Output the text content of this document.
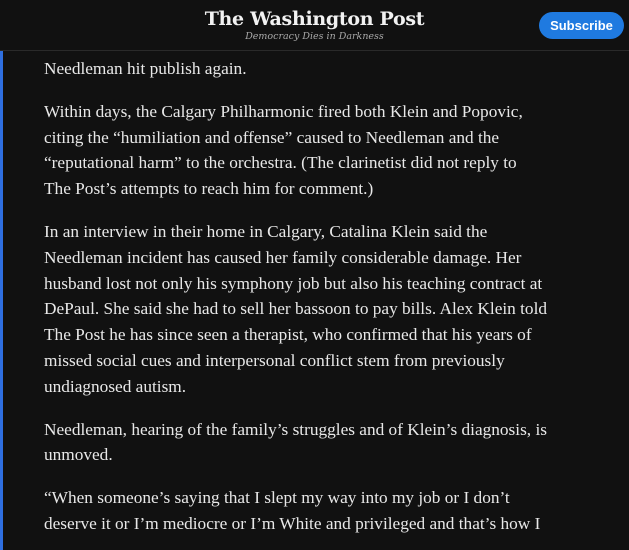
The Washington Post
Democracy Dies in Darkness
Subscribe

Needleman hit publish again.

Within days, the Calgary Philharmonic fired both Klein and Popovic,
citing the “humiliation and offense” caused to Needleman and the
“reputational harm” to the orchestra. (The clarinetist did not reply to
The Post’s attempts to reach him for comment.)

In an interview in their home in Calgary, Catalina Klein said the
Needleman incident has caused her family considerable damage. Her
husband lost not only his symphony job but also his teaching contract at
DePaul. She said she had to sell her bassoon to pay bills. Alex Klein told
The Post he has since seen a therapist, who confirmed that his years of
missed social cues and interpersonal conflict stem from previously
undiagnosed autism.

Needleman, hearing of the family’s struggles and of Klein’s diagnosis, is
unmoved.

“When someone’s saying that I slept my way into my job or I don’t
deserve it or I’m mediocre or I’m White and privileged and that’s how I
